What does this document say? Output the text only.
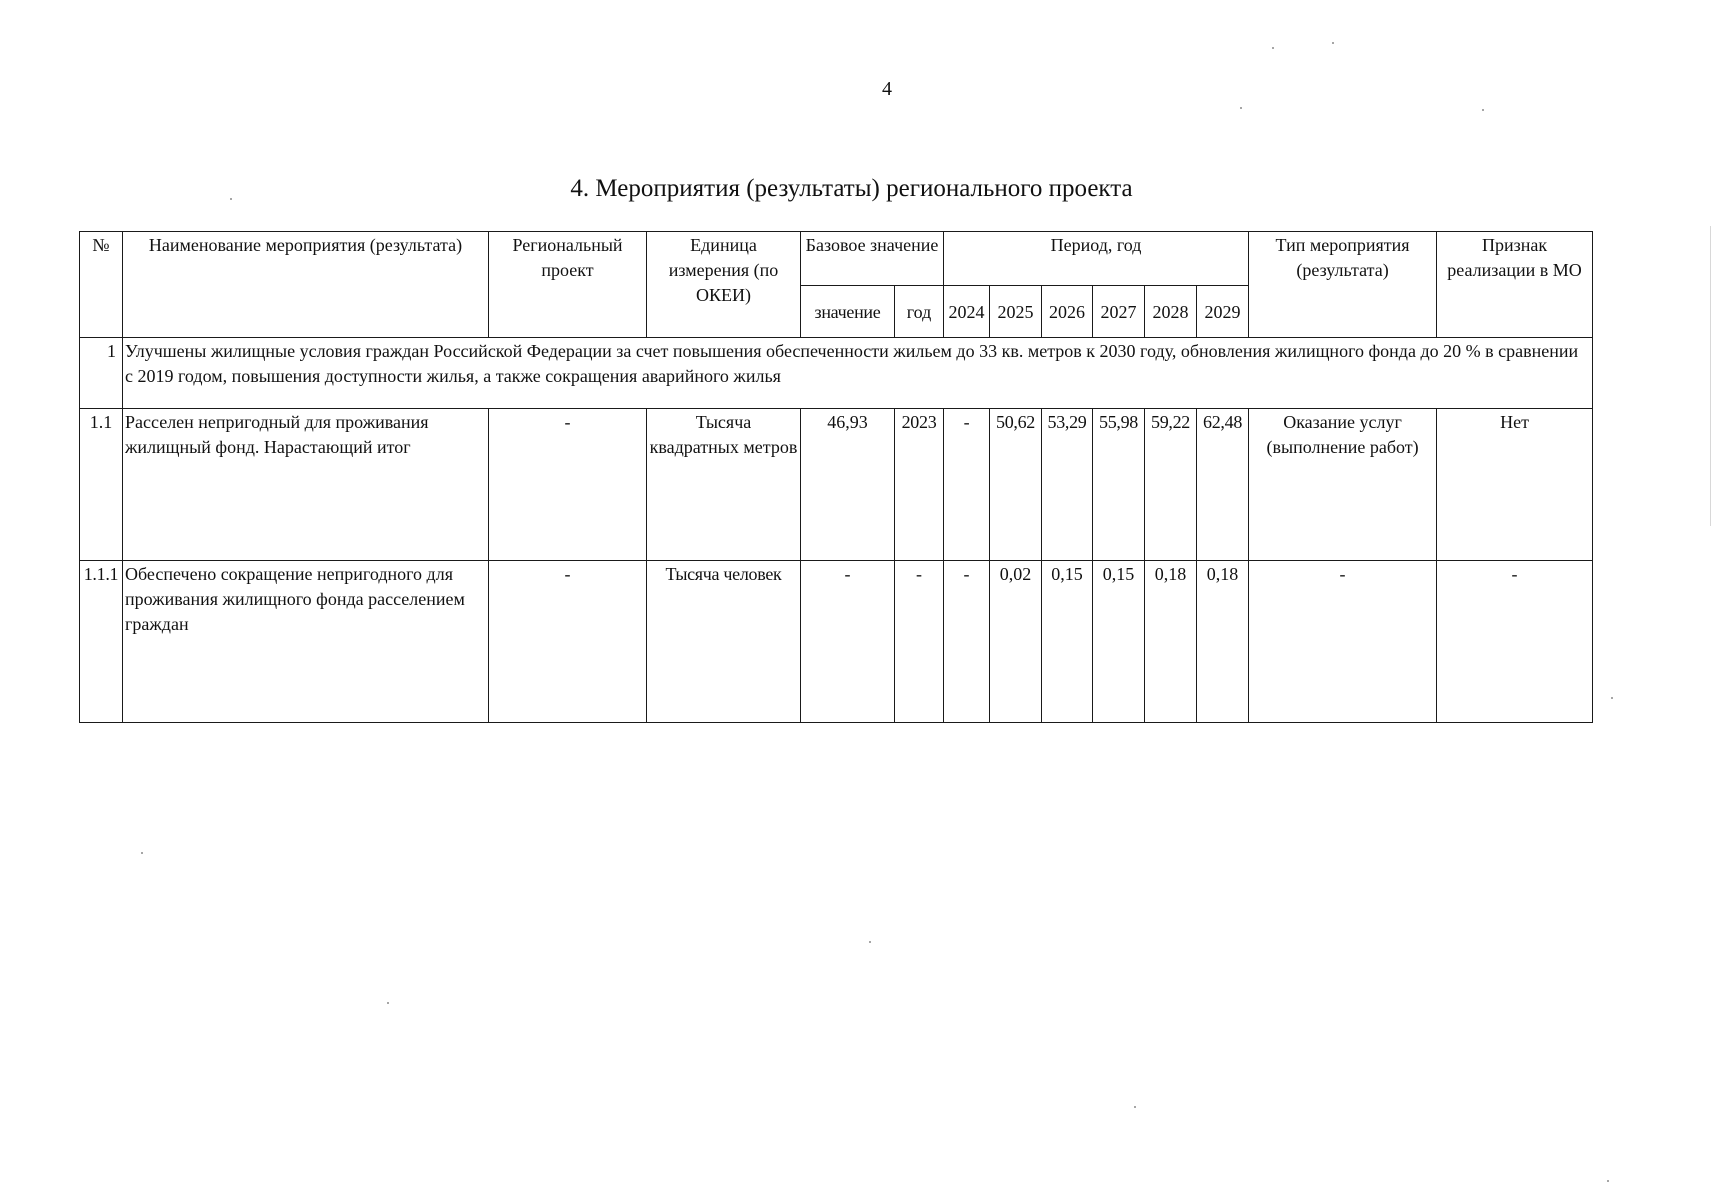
4
4. Мероприятия (результаты) регионального проекта
№	Наименование мероприятия (результата)	Региональный проект	Единица измерения (по ОКЕИ)	Базовое значение		Период, год						Тип мероприятия (результата)	Признак реализации в МО
				значение	год	2024	2025	2026	2027	2028	2029		
1	Улучшены жилищные условия граждан Российской Федерации за счет повышения обеспеченности жильем до 33 кв. метров к 2030 году, обновления жилищного фонда до 20 % в сравнении с 2019 годом, повышения доступности жилья, а также сокращения аварийного жилья												
1.1	Расселен непригодный для проживания жилищный фонд. Нарастающий итог	-	Тысяча квадратных метров	46,93	2023	-	50,62	53,29	55,98	59,22	62,48	Оказание услуг (выполнение работ)	Нет
1.1.1	Обеспечено сокращение непригодного для проживания жилищного фонда расселением граждан	-	Тысяча человек	-	-	-	0,02	0,15	0,15	0,18	0,18	-	-
